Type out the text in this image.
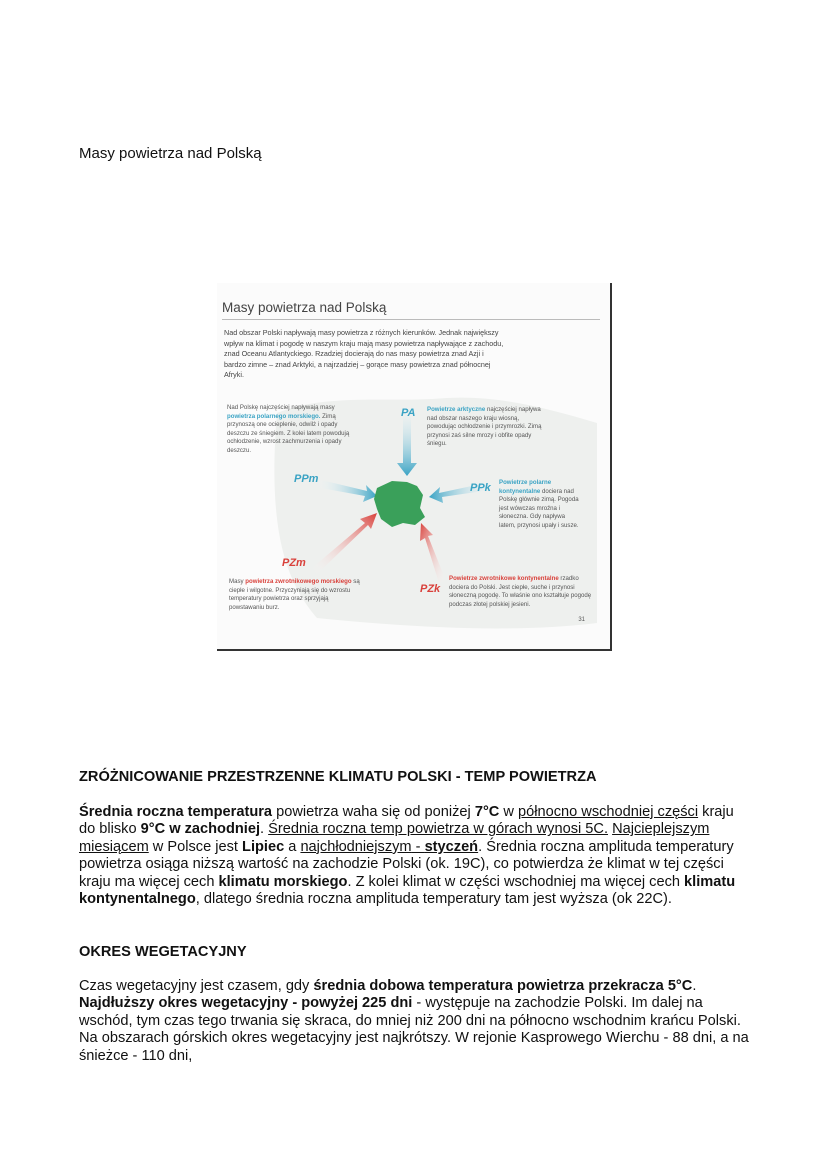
Masy powietrza nad Polską
Masy powietrza nad Polską
Nad obszar Polski napływają masy powietrza z różnych kierunków. Jednak największy wpływ na klimat i pogodę w naszym kraju mają masy powietrza napływające z zachodu, znad Oceanu Atlantyckiego. Rzadziej docierają do nas masy powietrza znad Azji i bardzo zimne – znad Arktyki, a najrzadziej – gorące masy powietrza znad północnej Afryki.
PA
PPm
PPk
PZm
PZk
Nad Polskę najczęściej napływają masy powietrza polarnego morskiego. Zimą przynoszą one ocieplenie, odwilż i opady deszczu ze śniegiem. Z kolei latem powodują ochłodzenie, wzrost zachmurzenia i opady deszczu.
Powietrze arktyczne najczęściej napływa nad obszar naszego kraju wiosną, powodując ochłodzenie i przymrozki. Zimą przynosi zaś silne mrozy i obfite opady śniegu.
Powietrze polarne kontynentalne dociera nad Polskę głównie zimą. Pogoda jest wówczas mroźna i słoneczna. Gdy napływa latem, przynosi upały i susze.
Masy powietrza zwrotnikowego morskiego są ciepłe i wilgotne. Przyczyniają się do wzrostu temperatury powietrza oraz sprzyjają powstawaniu burz.
Powietrze zwrotnikowe kontynentalne rzadko dociera do Polski. Jest ciepłe, suche i przynosi słoneczną pogodę. To właśnie ono kształtuje pogodę podczas złotej polskiej jesieni.
31
ZRÓŻNICOWANIE PRZESTRZENNE KLIMATU POLSKI - TEMP POWIETRZA
Średnia roczna temperatura powietrza waha się od poniżej 7°C w północno wschodniej części kraju do blisko 9°C w zachodniej. Średnia roczna temp powietrza w górach wynosi 5C. Najcieplejszym miesiącem w Polsce jest Lipiec a najchłodniejszym - styczeń. Średnia roczna amplituda temperatury powietrza osiąga niższą wartość na zachodzie Polski (ok. 19C), co potwierdza że klimat w tej części kraju ma więcej cech klimatu morskiego. Z kolei klimat w części wschodniej ma więcej cech klimatu kontynentalnego, dlatego średnia roczna amplituda temperatury tam jest wyższa (ok 22C).
OKRES WEGETACYJNY
Czas wegetacyjny jest czasem, gdy średnia dobowa temperatura powietrza przekracza 5°C. Najdłuższy okres wegetacyjny - powyżej 225 dni - występuje na zachodzie Polski. Im dalej na wschód, tym czas tego trwania się skraca, do mniej niż 200 dni na północno wschodnim krańcu Polski. Na obszarach górskich okres wegetacyjny jest najkrótszy. W rejonie Kasprowego Wierchu - 88 dni, a na śnieżce - 110 dni,
